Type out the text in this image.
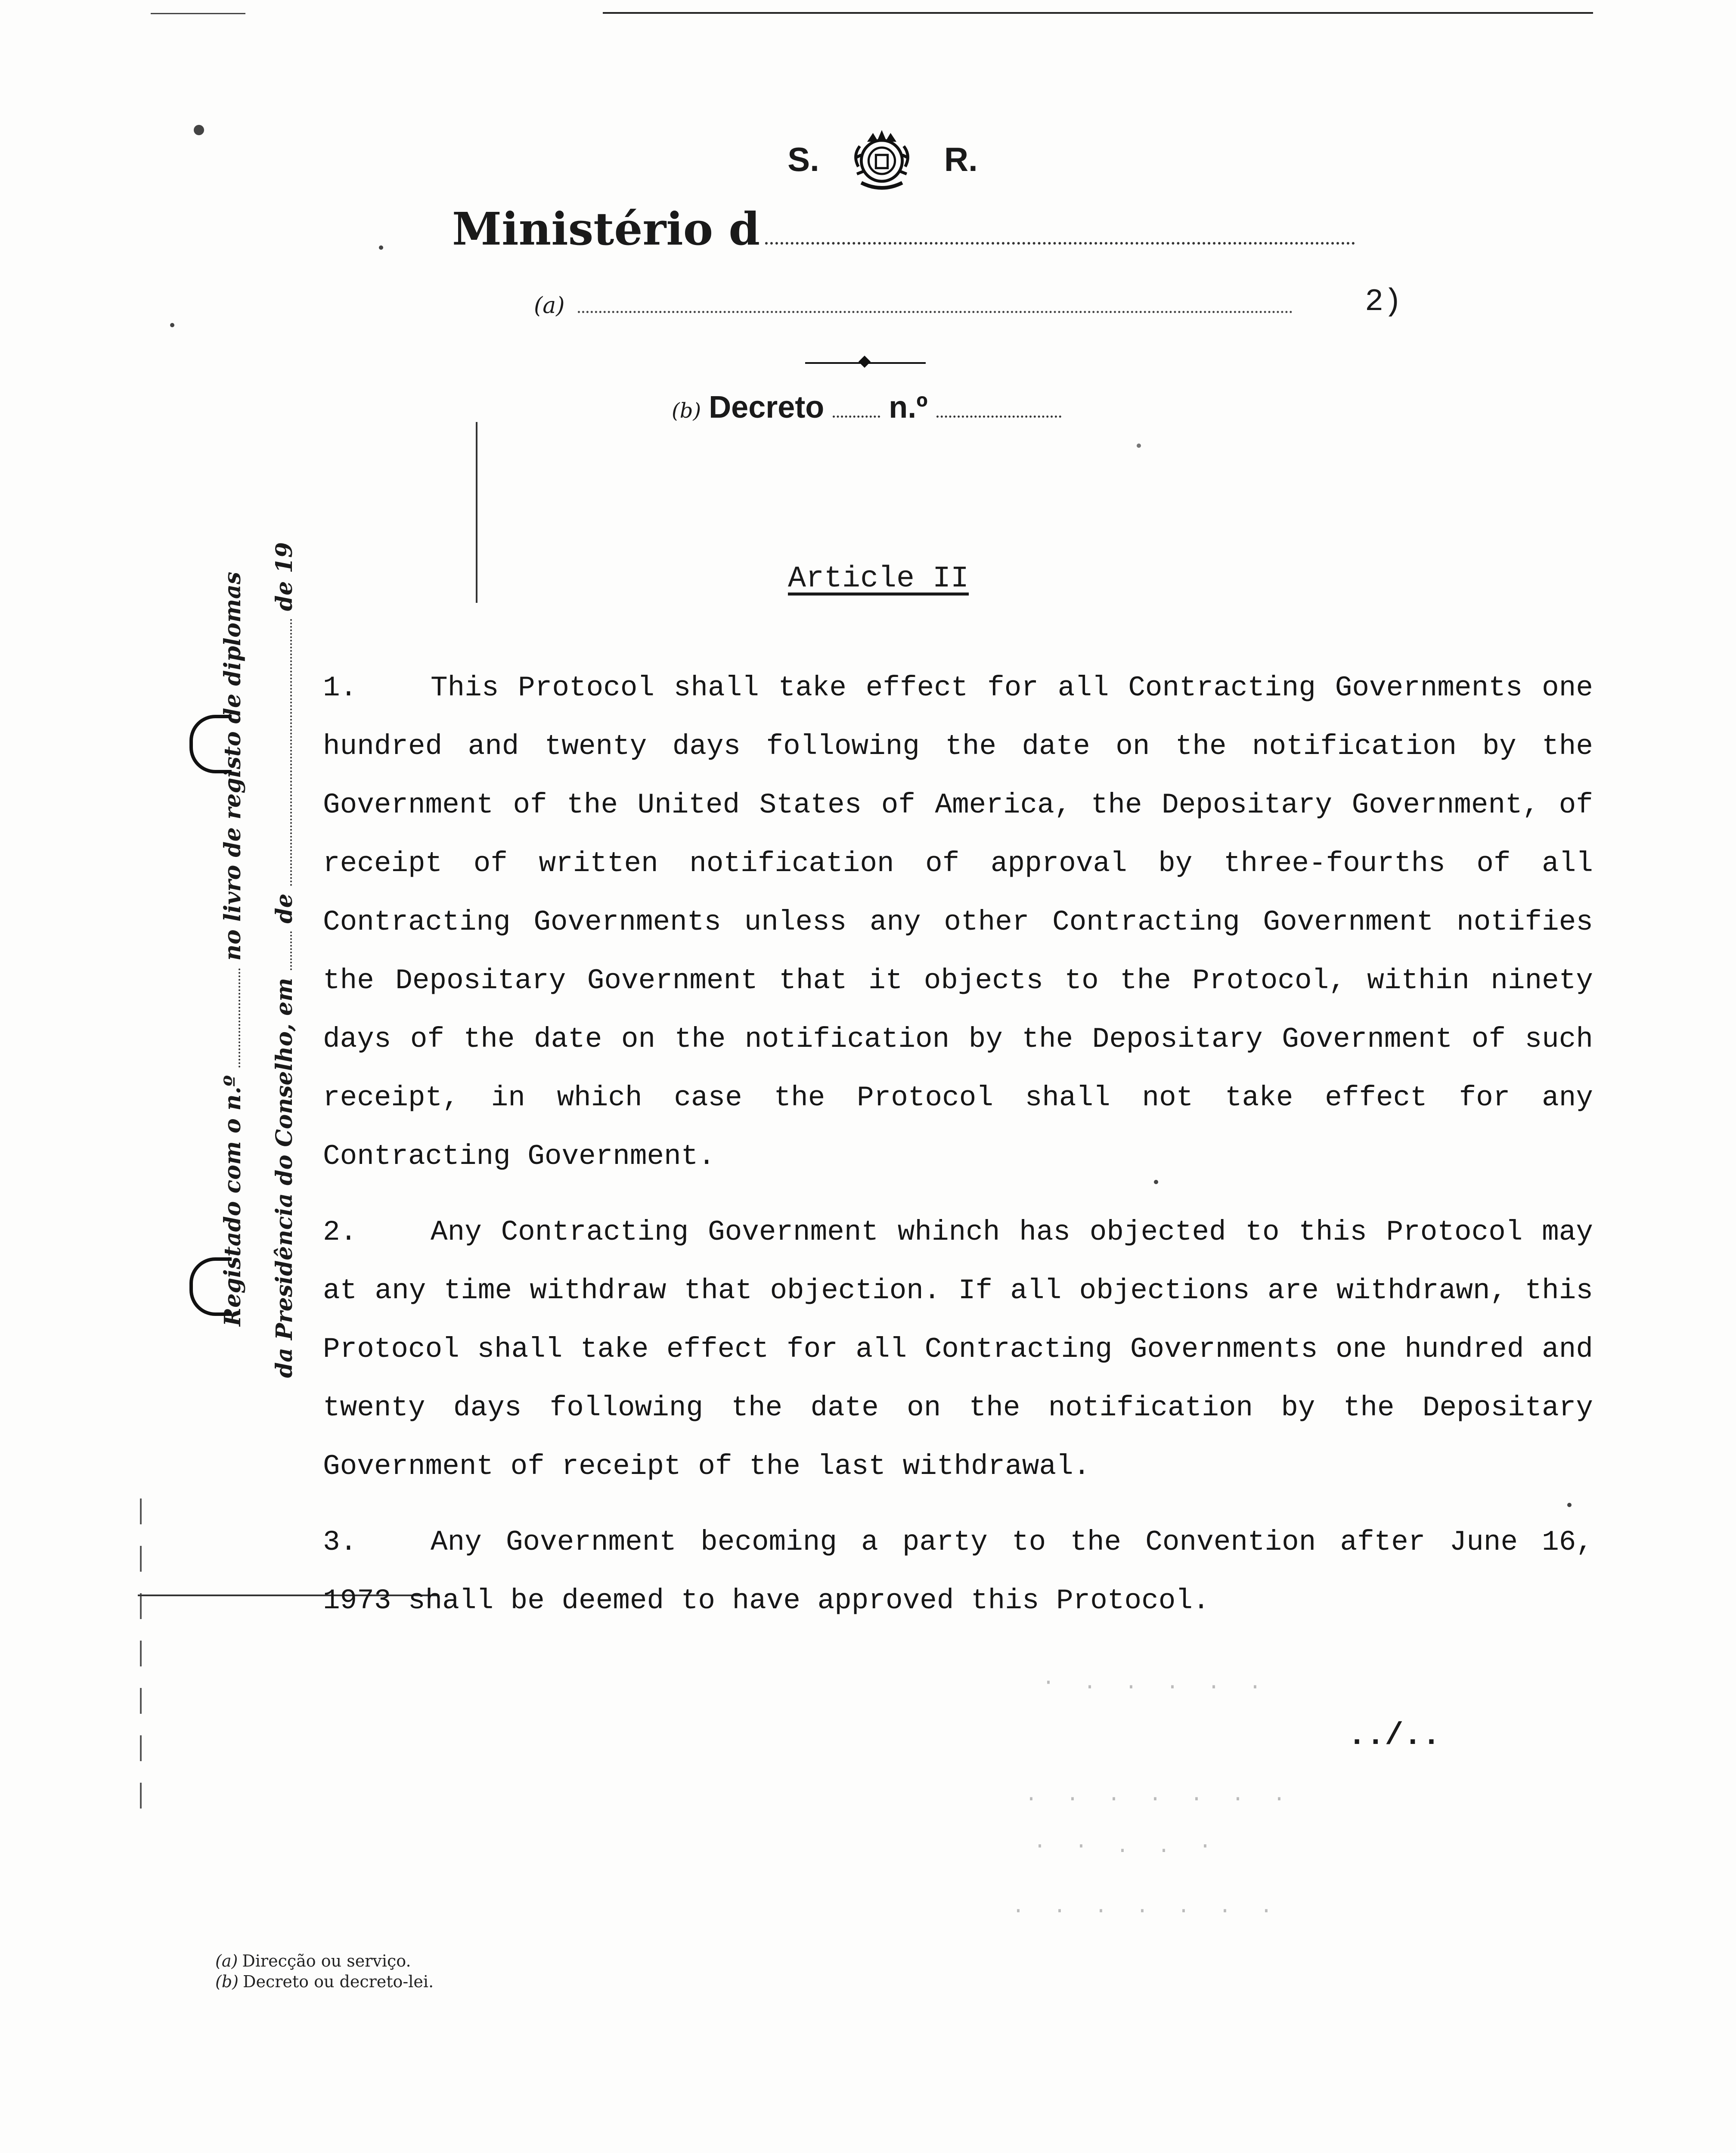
S.	R.
Ministério d
(a)	2)
(b) Decreto n.º
Registado com o n.º  no livro de registo de diplomas
da Presidência do Conselho, em  de  de 19	Article II

1.	This Protocol shall take effect for all Contracting Governments one hundred and twenty days following the date on the notification by the Government of the United States of America, the Depositary Government, of receipt of written notification of approval by three-fourths of all Contracting Governments unless any other Contracting Government notifies the Depositary Government that it objects to the Protocol, within ninety days of the date on the notification by the Depositary Government of such receipt, in which case the Protocol shall not take effect for any Contracting Government.

2.	Any Contracting Government whinch has objected to this Protocol may at any time withdraw that objection. If all objections are withdrawn, this Protocol shall take effect for all Contracting Governments one hundred and twenty days following the date on the notification by the Depositary Government of receipt of the last withdrawal.

3.	Any Government becoming a party to the Convention after June 16, 1973 shall be deemed to have approved this Protocol.

../..
· . . . . .
. . . . . . .
· · . . ·
. . . . . . .
(a) Direcção ou serviço.
(b) Decreto ou decreto-lei.
